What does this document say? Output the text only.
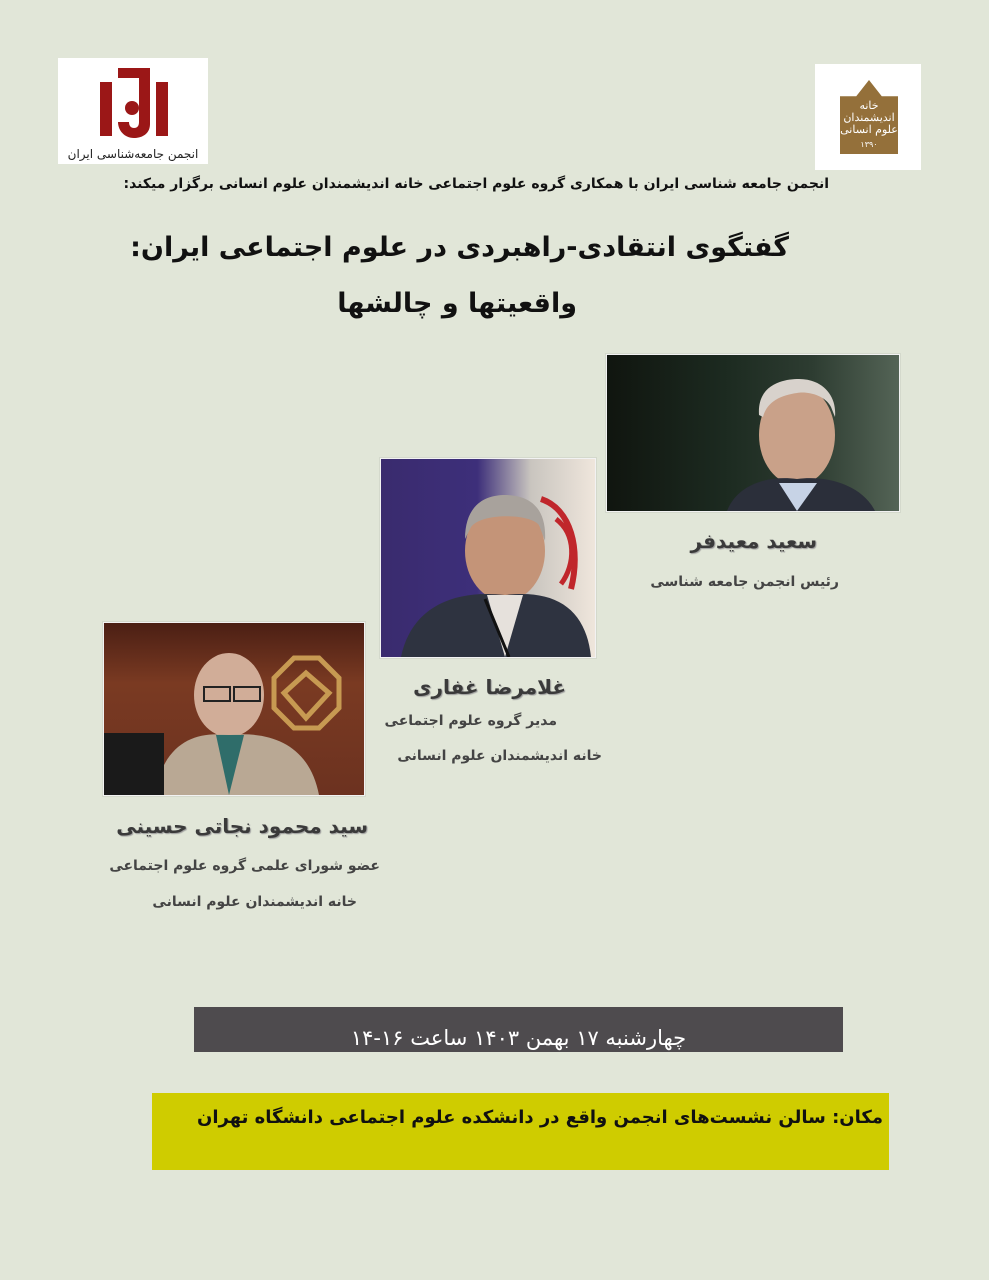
انجمن جامعه‌شناسی ایران
خانه اندیشمندان علوم انسانی
۱۳۹۰
انجمن جامعه شناسی ایران با همکاری گروه علوم اجتماعی خانه اندیشمندان علوم انسانی برگزار میکند:
گفتگوی انتقادی-راهبردی در علوم اجتماعی ایران:
واقعیتها و چالشها
سعید معیدفر
رئیس انجمن جامعه شناسی
غلامرضا غفاری
مدیر گروه علوم اجتماعی
خانه اندیشمندان علوم انسانی
سید محمود نجاتی حسینی
عضو شورای علمی گروه علوم اجتماعی
خانه اندیشمندان علوم انسانی
چهارشنبه ۱۷ بهمن ۱۴۰۳ ساعت ۱۶-۱۴
مکان: سالن نشست‌های انجمن واقع در دانشکده علوم اجتماعی دانشگاه تهران
